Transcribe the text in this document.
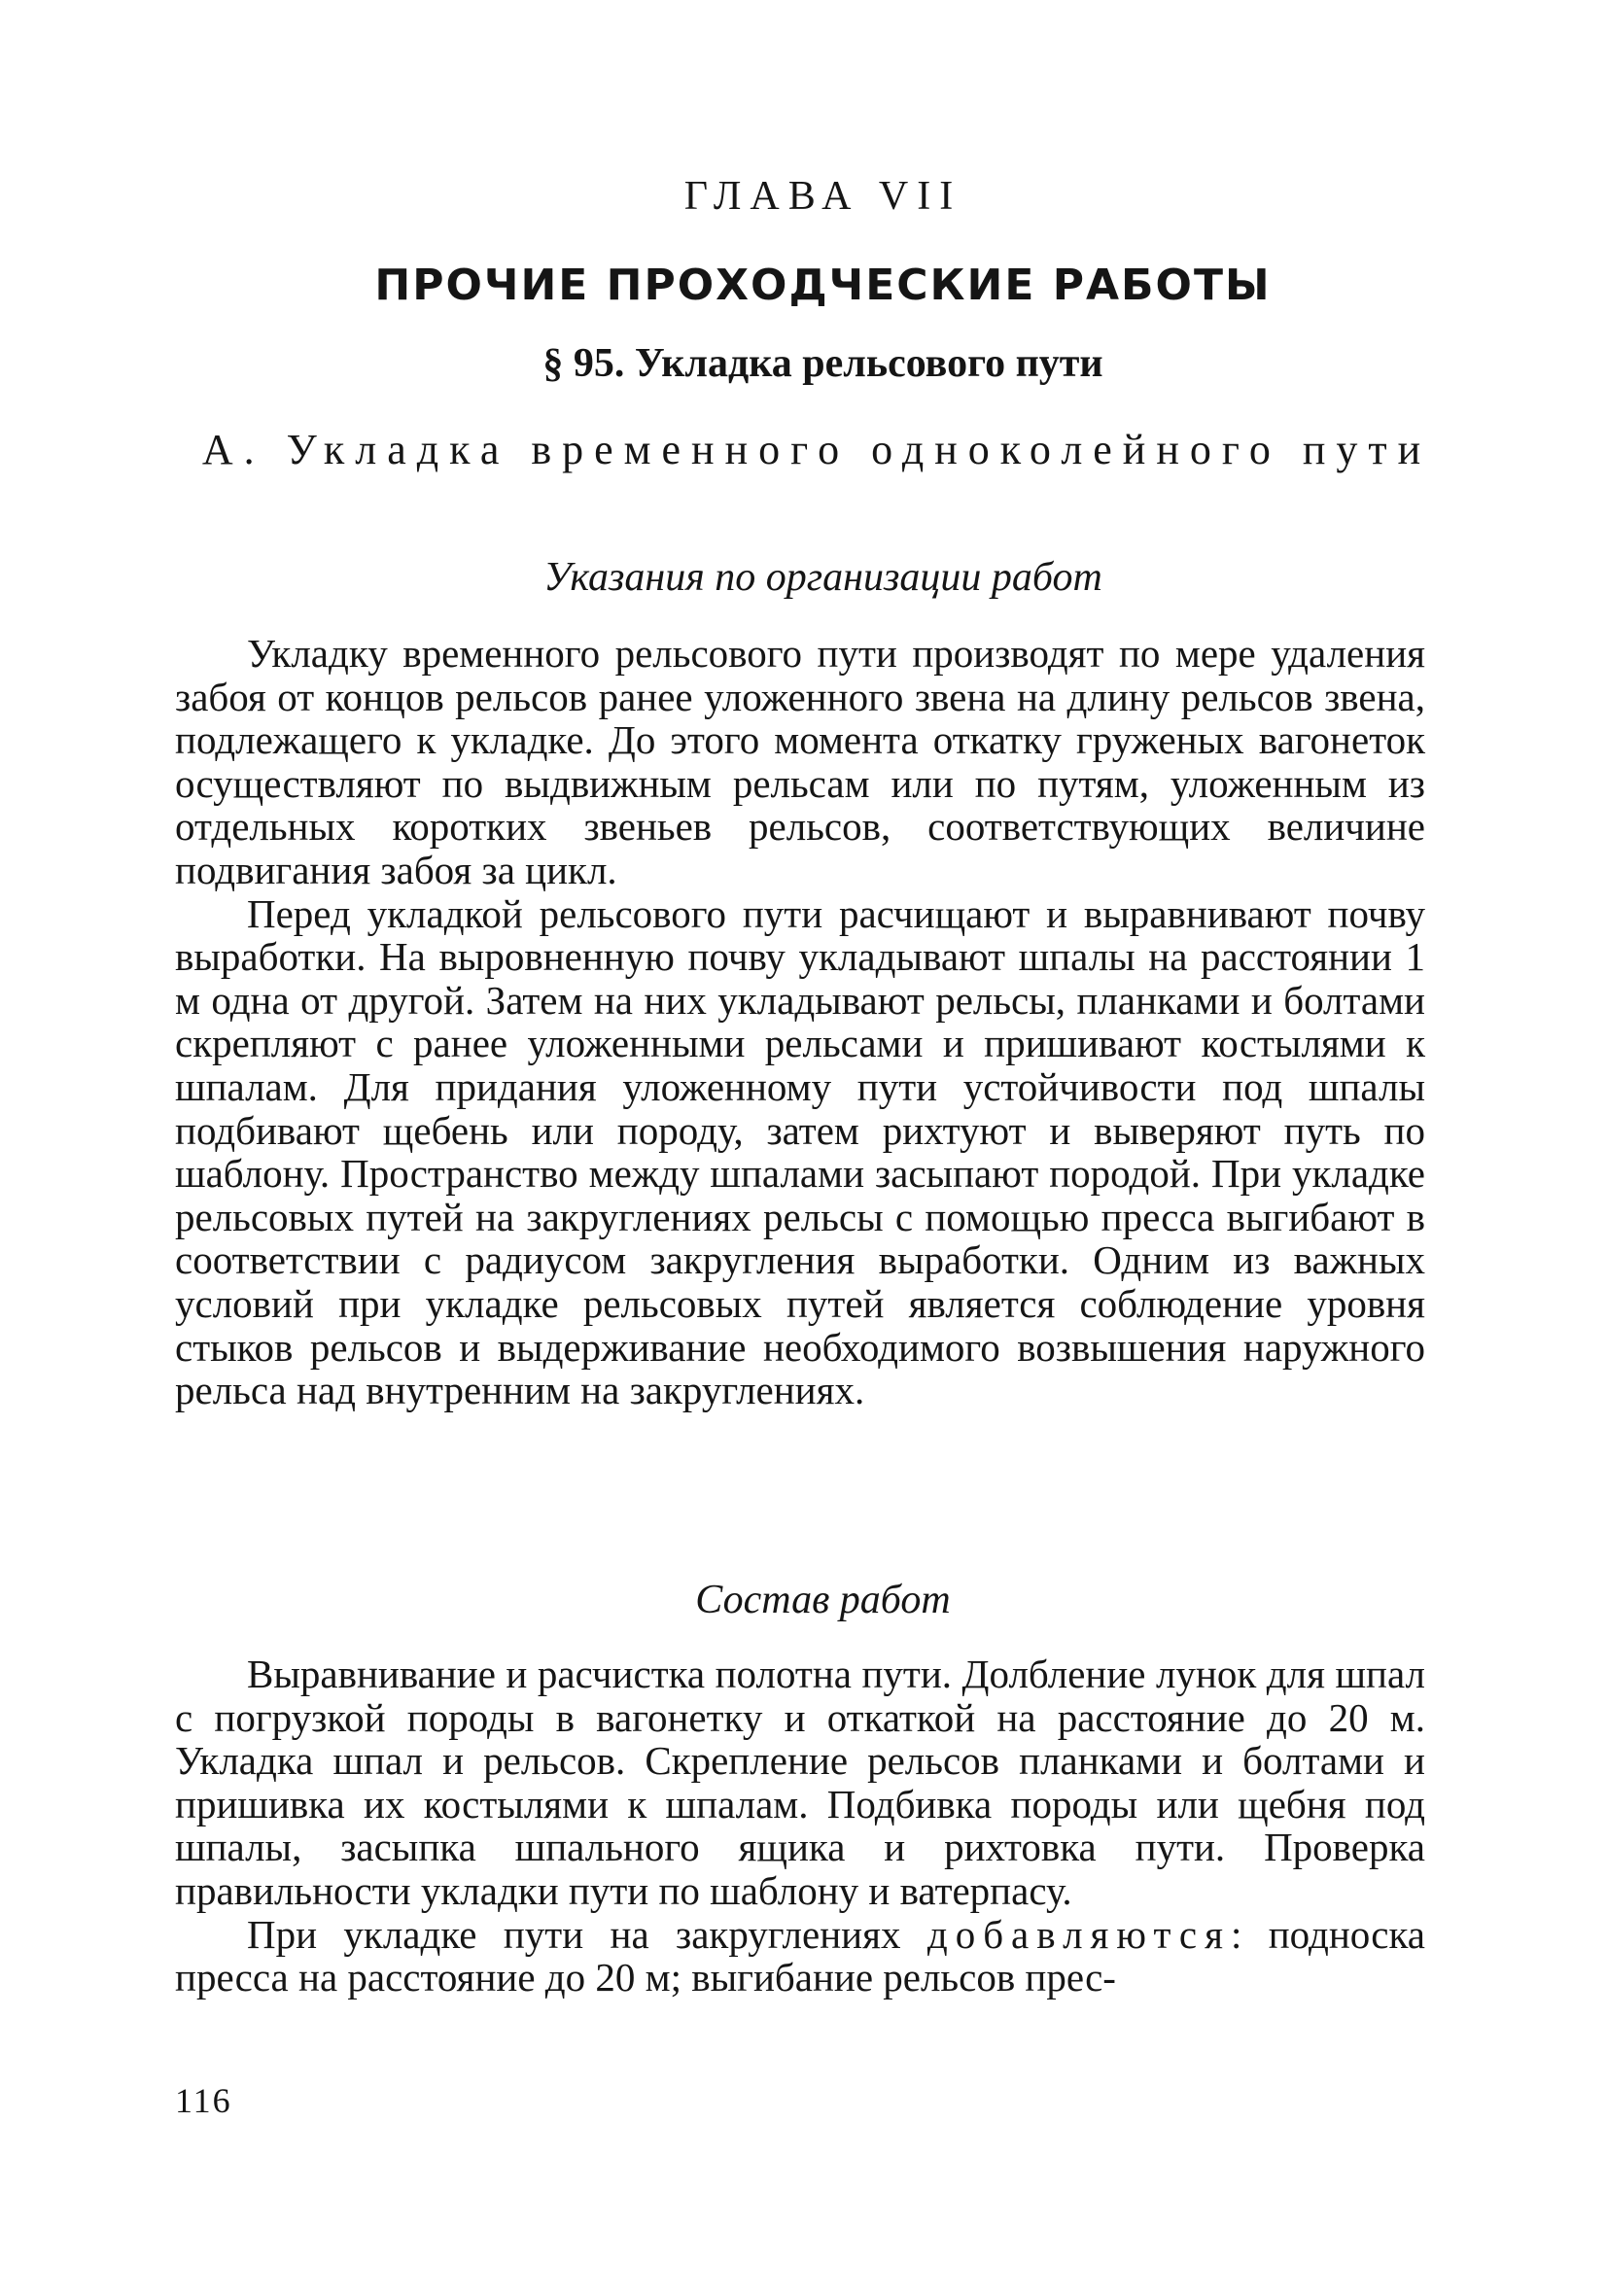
ГЛАВА VII
ПРОЧИЕ ПРОХОДЧЕСКИЕ РАБОТЫ
§ 95. Укладка рельсового пути
А. Укладка временного одноколейного пути
Указания по организации работ

Укладку временного рельсового пути производят по мере удаления забоя от концов рельсов ранее уложенного звена на длину рельсов звена, подлежащего к укладке. До этого момента откатку груженых вагонеток осуществляют по выдвижным рельсам или по путям, уложенным из отдельных коротких звеньев рельсов, соответствующих величине подвигания забоя за цикл.

Перед укладкой рельсового пути расчищают и выравнивают почву выработки. На выровненную почву укладывают шпалы на расстоянии 1 м одна от другой. Затем на них укладывают рельсы, планками и болтами скрепляют с ранее уложенными рельсами и пришивают костылями к шпалам. Для придания уложенному пути устойчивости под шпалы подбивают щебень или породу, затем рихтуют и выверяют путь по шаблону. Пространство между шпалами засыпают породой. При укладке рельсовых путей на закруглениях рельсы с помощью пресса выгибают в соответствии с радиусом закругления выработки. Одним из важных условий при укладке рельсовых путей является соблюдение уровня стыков рельсов и выдерживание необходимого возвышения наружного рельса над внутренним на закруглениях.

Состав работ

Выравнивание и расчистка полотна пути. Долбление лунок для шпал с погрузкой породы в вагонетку и откаткой на расстояние до 20 м. Укладка шпал и рельсов. Скрепление рельсов планками и болтами и пришивка их костылями к шпалам. Подбивка породы или щебня под шпалы, засыпка шпального ящика и рихтовка пути. Проверка правильности укладки пути по шаблону и ватерпасу.

При укладке пути на закруглениях добавляются: подноска пресса на расстояние до 20 м; выгибание рельсов прес-

116
